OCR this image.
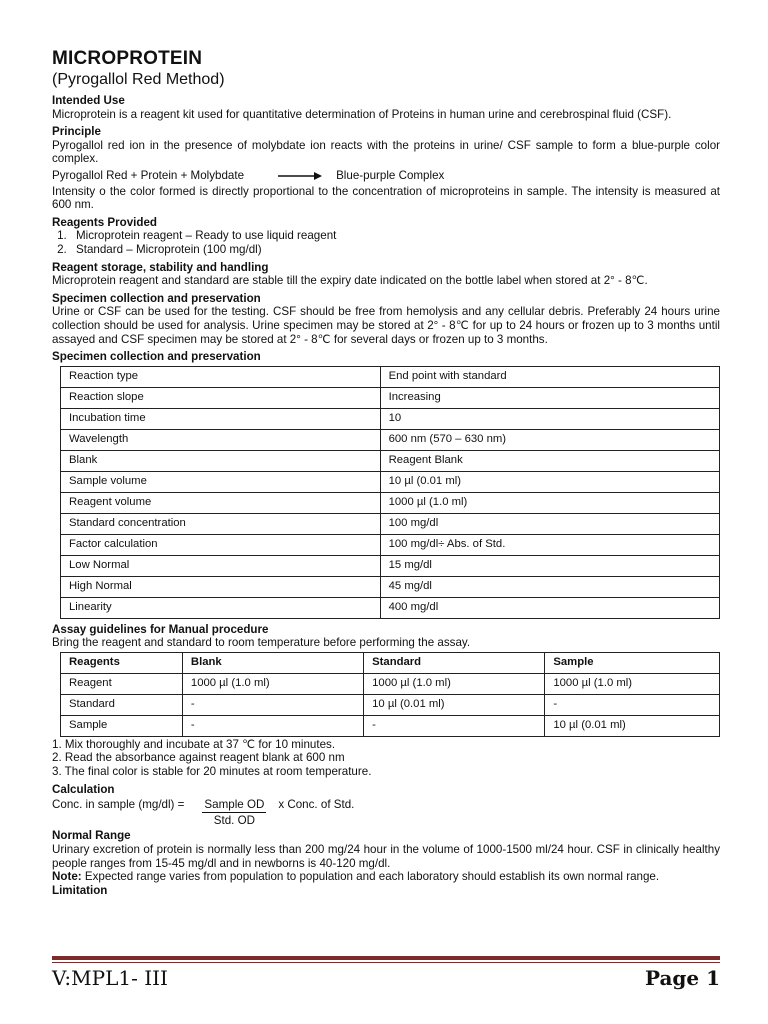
MICROPROTEIN
(Pyrogallol Red Method)
Intended Use

Microprotein is a reagent kit used for quantitative determination of Proteins in human urine and cerebrospinal fluid (CSF).

Principle

Pyrogallol red ion in the presence of molybdate ion reacts with the proteins in urine/ CSF sample to form a blue-purple color complex.

Pyrogallol Red + Protein + Molybdate	Blue-purple Complex

Intensity o the color formed is directly proportional to the concentration of microproteins in sample. The intensity is measured at 600 nm.

Reagents Provided
1. Microprotein reagent – Ready to use liquid reagent
2. Standard – Microprotein (100 mg/dl)
Reagent storage, stability and handling

Microprotein reagent and standard are stable till the expiry date indicated on the bottle label when stored at 2° - 8℃.

Specimen collection and preservation

Urine or CSF can be used for the testing. CSF should be free from hemolysis and any cellular debris. Preferably 24 hours urine collection should be used for analysis. Urine specimen may be stored at 2° - 8℃ for up to 24 hours or frozen up to 3 months until assayed and CSF specimen may be stored at 2° - 8℃ for several days or frozen up to 3 months.

Specimen collection and preservation
Reaction type	End point with standard
Reaction slope	Increasing
Incubation time	10
Wavelength	600 nm (570 – 630 nm)
Blank	Reagent Blank
Sample volume	10 µl (0.01 ml)
Reagent volume	1000 µl (1.0 ml)
Standard concentration	100 mg/dl
Factor calculation	100 mg/dl÷ Abs. of Std.
Low Normal	15 mg/dl
High Normal	45 mg/dl
Linearity	400 mg/dl
Assay guidelines for Manual procedure

Bring the reagent and standard to room temperature before performing the assay.

Reagents	Blank	Standard	Sample
Reagent	1000 µl (1.0 ml)	1000 µl (1.0 ml)	1000 µl (1.0 ml)
Standard	-	10 µl (0.01 ml)	-
Sample	-	-	10 µl (0.01 ml)

1. Mix thoroughly and incubate at 37 ℃ for 10 minutes.

2. Read the absorbance against reagent blank at 600 nm

3. The final color is stable for 20 minutes at room temperature.

Calculation
Conc. in sample $(mg/dl) = \frac{\text{Sample OD}}{\text{Std. OD}}$ x Conc. of Std.
Normal Range

Urinary excretion of protein is normally less than 200 mg/24 hour in the volume of 1000-1500 ml/24 hour. CSF in clinically healthy people ranges from 15-45 mg/dl and in newborns is 40-120 mg/dl.

Note: Expected range varies from population to population and each laboratory should establish its own normal range.

Limitation
V:MPL1- III	Page 1
